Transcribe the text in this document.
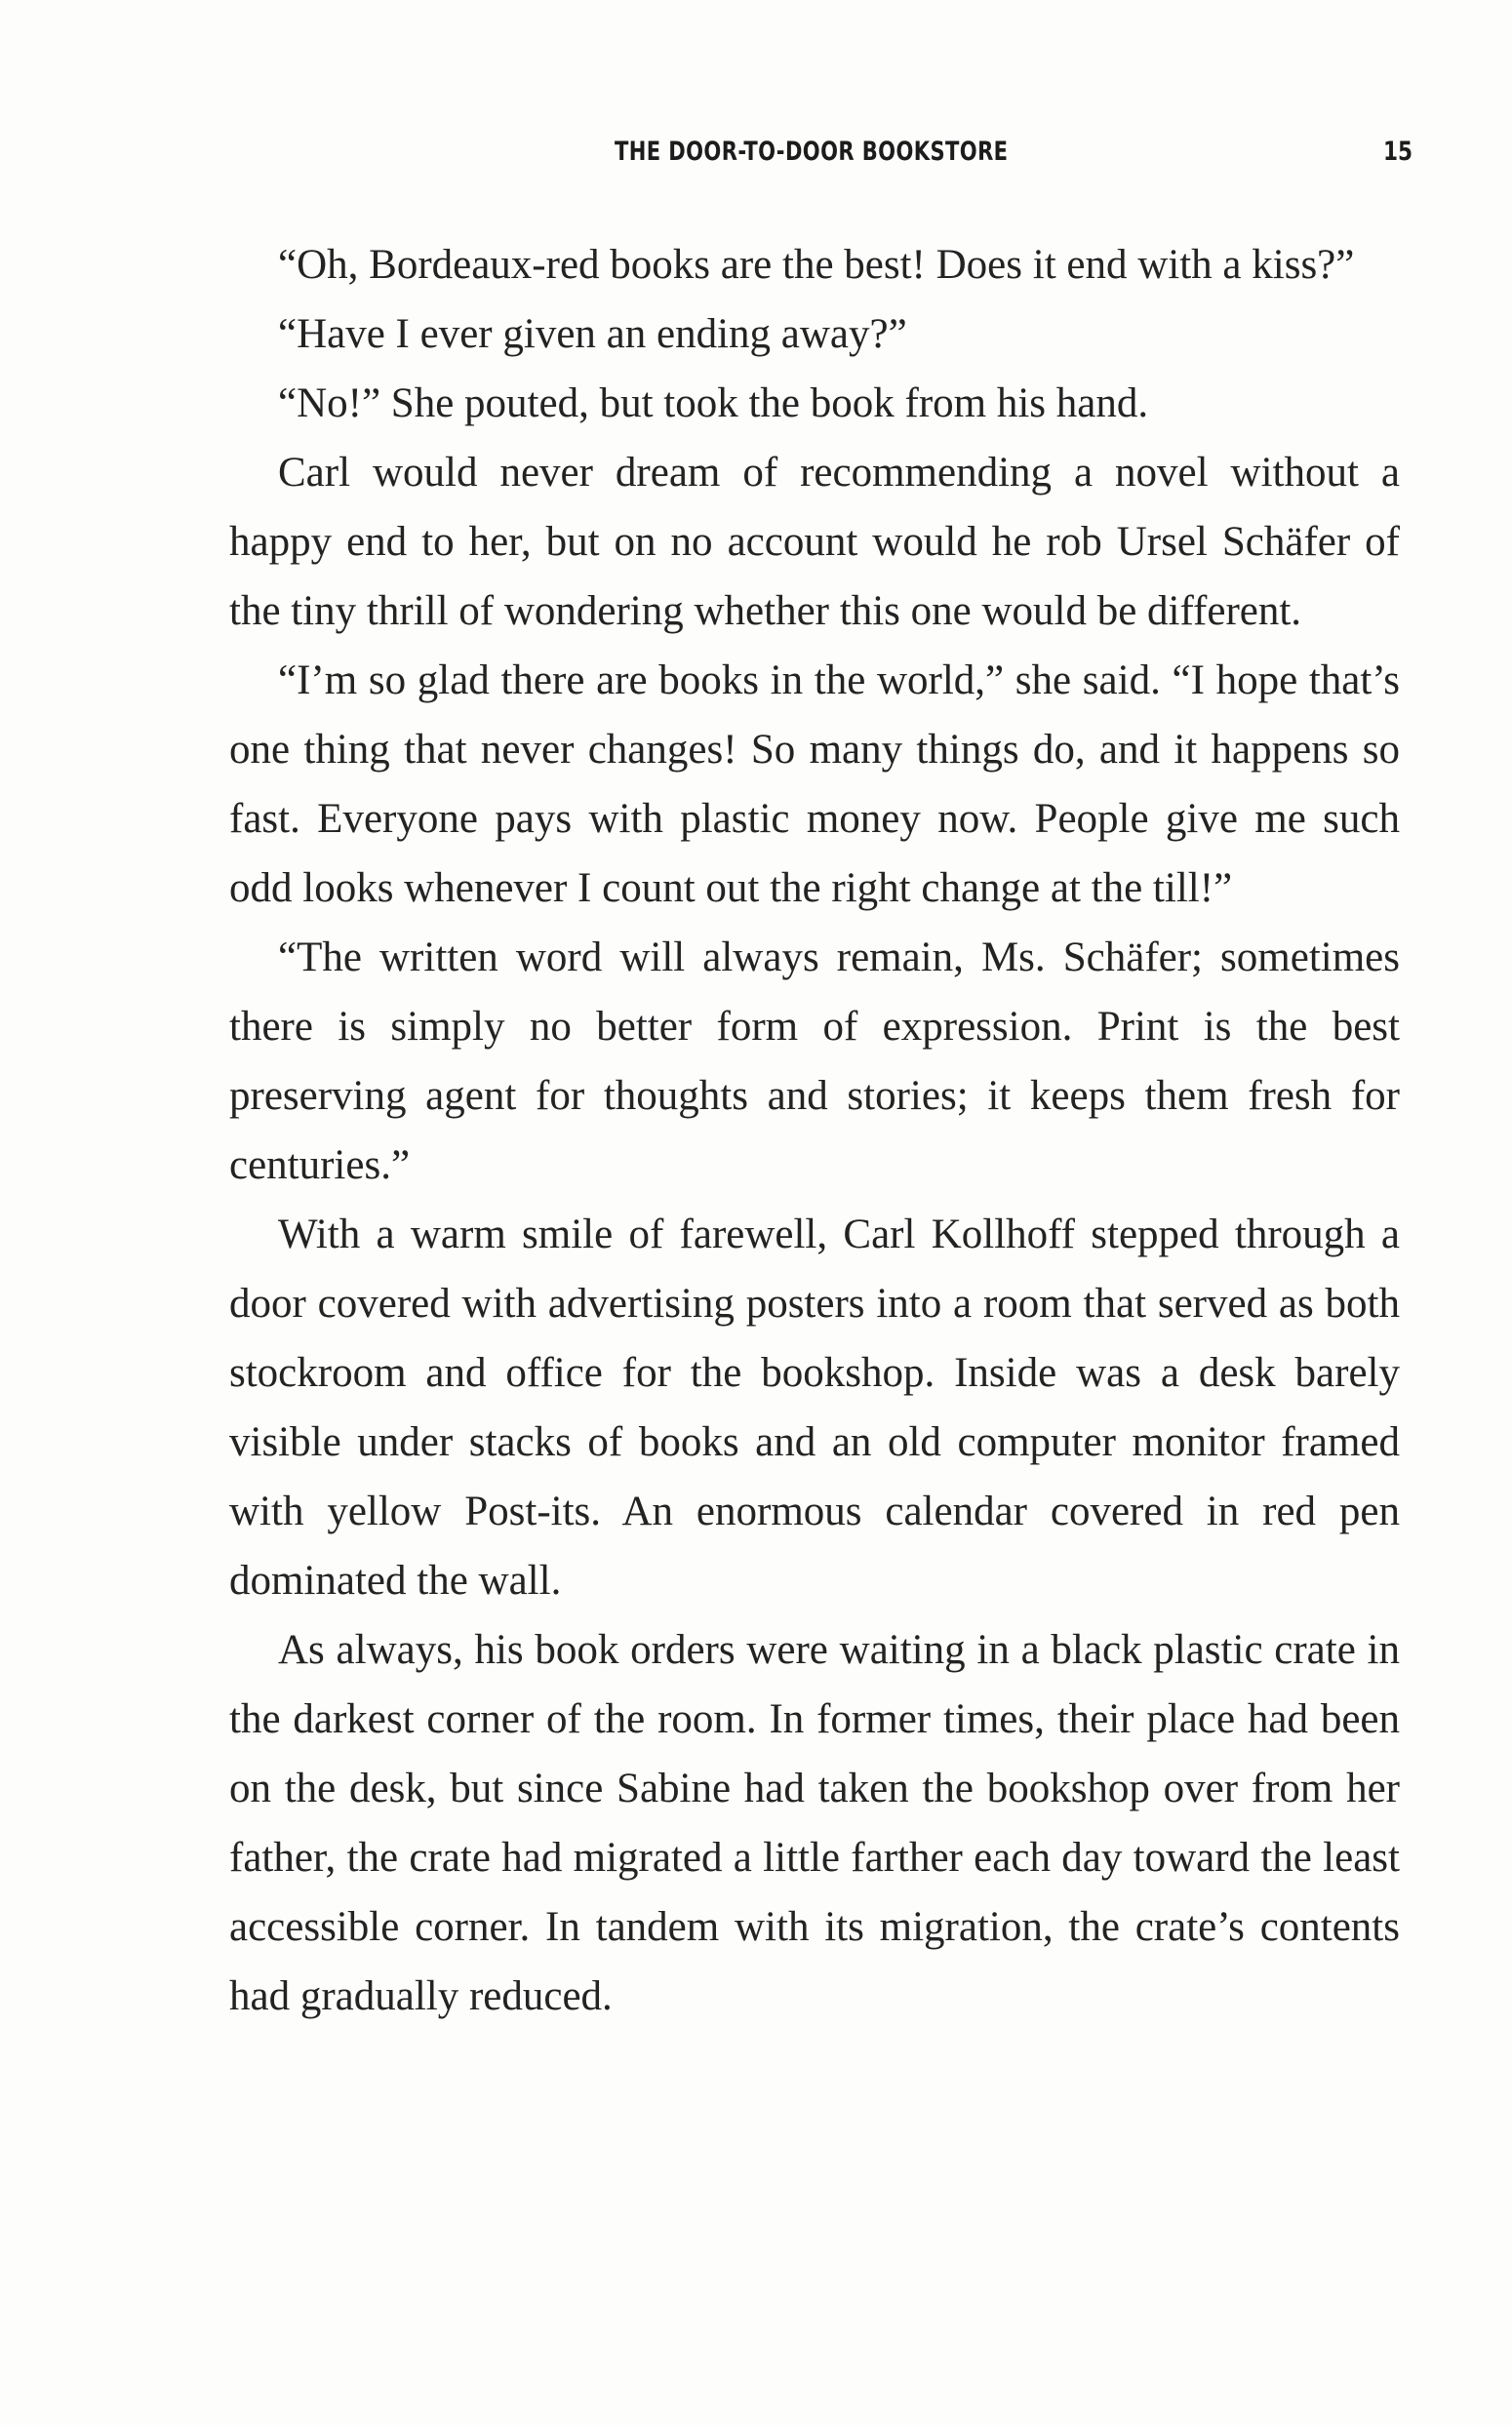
THE DOOR-TO-DOOR BOOKSTORE	15

“Oh, Bordeaux-red books are the best! Does it end with a kiss?”

“Have I ever given an ending away?”

“No!” She pouted, but took the book from his hand.

Carl would never dream of recommending a novel without a happy end to her, but on no account would he rob Ursel Schäfer of the tiny thrill of wondering whether this one would be different.

“I’m so glad there are books in the world,” she said. “I hope that’s one thing that never changes! So many things do, and it happens so fast. Everyone pays with plastic money now. People give me such odd looks whenever I count out the right change at the till!”

“The written word will always remain, Ms. Schäfer; sometimes there is simply no better form of expression. Print is the best preserving agent for thoughts and stories; it keeps them fresh for centuries.”

With a warm smile of farewell, Carl Kollhoff stepped through a door covered with advertising posters into a room that served as both stockroom and office for the bookshop. Inside was a desk barely visible under stacks of books and an old computer monitor framed with yellow Post-its. An enormous calendar covered in red pen dominated the wall.

As always, his book orders were waiting in a black plastic crate in the darkest corner of the room. In former times, their place had been on the desk, but since Sabine had taken the bookshop over from her father, the crate had migrated a little farther each day toward the least accessible corner. In tandem with its migration, the crate’s contents had gradually reduced.
